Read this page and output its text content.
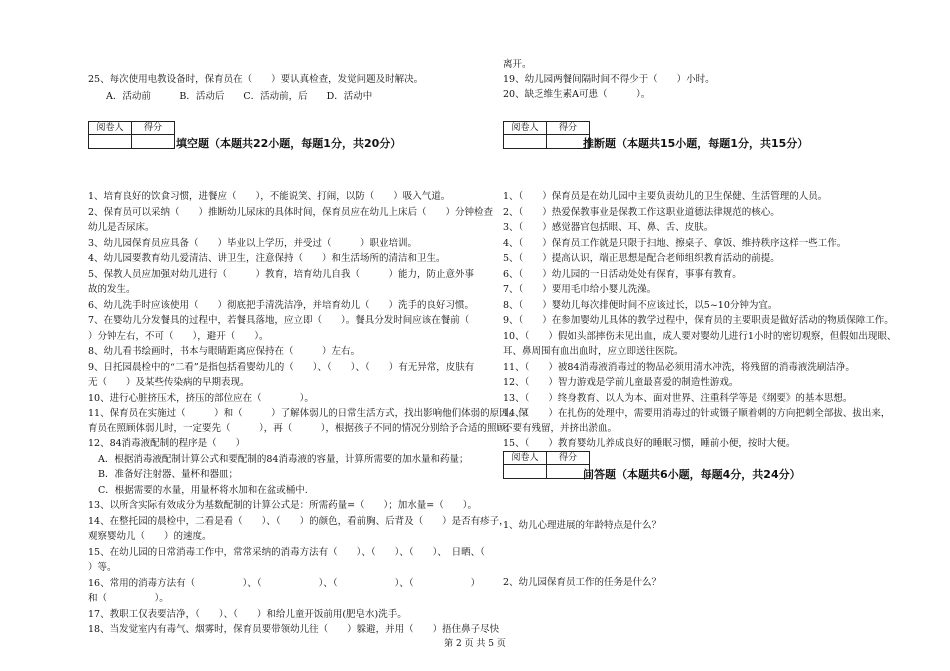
25、每次使用电教设备时，保育员在（　　）要认真检查，发觉问题及时解决。
A．活动前　　　B．活动后　　C．活动前，后　　D．活动中
阅卷人	得分

填空题（本题共22小题，每题1分，共20分）
1、培育良好的饮食习惯，进餐应（　　），不能说笑、打闹，以防（　　）吸入气道。
2、保育员可以采纳（　　）推断幼儿尿床的具体时间，保育员应在幼儿上床后（　　）分钟检查
幼儿是否尿床。
3、幼儿园保育员应具备（　　）毕业以上学历，并受过（　　　）职业培训。
4、幼儿园要教育幼儿爱清洁、讲卫生，注意保持（　　）和生活场所的清洁和卫生。
5、保教人员应加强对幼儿进行（　　　）教育，培育幼儿自我（　　　）能力，防止意外事
故的发生。
6、幼儿洗手时应该使用（　　）彻底把手清洗洁净，并培育幼儿（　　）洗手的良好习惯。
7、在婴幼儿分发餐具的过程中，若餐具落地，应立即（　　）。餐具分发时间应该在餐前（　　
）分钟左右，不可（　　），避开（　　）。
8、幼儿看书绘画时，书本与眼睛距离应保持在（　　　）左右。
9、日托园晨检中的“二看”是指包括看婴幼儿的（　　）、（　　）、（　　）有无异常，皮肤有
无（　　）及某些传染病的早期表现。
10、进行心脏挤压术，挤压的部位应在（　　　　）。
11、保育员在实施过（　　　）和（　　　）了解体弱儿的日常生活方式，找出影响他们体弱的原因。保
育员在照顾体弱儿时，一定要先（　　　），再（　　　），根据孩子不同的情况分别给予合适的照顾。
12、84消毒液配制的程序是（　　）
A．根据消毒液配制计算公式和要配制的84消毒液的容量，计算所需要的加水量和药量；
B．准备好注射器、量杯和器皿；
C．根据需要的水量，用量杯将水加和在盆或桶中.
13、以所含实际有效成分为基数配制的计算公式是：所需药量=（　　）；加水量=（　　）。
14、在整托园的晨检中，二看是看（　　）、（　　）的颜色，看前胸、后背及（　　）是否有疹子，
观察婴幼儿（　　）的速度。
15、在幼儿园的日常消毒工作中，常常采纳的消毒方法有（　　）、（　　）、（　　）、　日晒、（
）等。
16、常用的消毒方法有（　　　　　）、（　　　　　　）、（　　　　　　）、（　　　　　　）
和（　　　　　）。
17、教职工仅表要洁净，（　　）、（　　）和给儿童开饭前用(肥皂水)洗手。
18、当发觉室内有毒气、烟雾时，保育员要带领幼儿往（　　）躲避，并用（　　）捂住鼻子尽快
离开。
19、幼儿园两餐间隔时间不得少于（　　）小时。
20、缺乏维生素A可患（　　　）。
阅卷人	得分

推断题（本题共15小题，每题1分，共15分）
1、（　　）保育员是在幼儿园中主要负责幼儿的卫生保健、生活管理的人员。
2、（　　）热爱保教事业是保教工作这职业道德法律规范的核心。
3、（　　）感觉器官包括眼、耳、鼻、舌、皮肤。
4、（　　）保育员工作就是只限于扫地、擦桌子、拿饭、维持秩序这样一些工作。
5、（　　）提高认识，端正思想是配合老师组织教育活动的前提。
6、（　　）幼儿园的一日活动处处有保育，事事有教育。
7、（　　）要用毛巾给小婴儿洗澡。
8、（　　）婴幼儿每次排便时间不应该过长，以5~10分钟为宜。
9、（　　）在参加婴幼儿具体的教学过程中，保育员的主要职责是做好活动的物质保障工作。
10、（　　）假如头部摔伤未见出血，成人要对婴幼儿进行1小时的密切观察，但假如出现眼、
耳、鼻周围有血出血时，应立即送往医院。
11、（　　）被84消毒液消毒过的物品必须用清水冲洗，将残留的消毒液洗刷洁净。
12、（　　）智力游戏是学前儿童最喜爱的制造性游戏。
13、（　　）终身教育、以人为本、面对世界、注重科学等是《纲要》的基本思想。
14、（　　）在扎伤的处理中，需要用消毒过的针或镊子顺着刺的方向把刺全部拔、拔出来，
不要有残留，并挤出淤血。
15、（　　）教育婴幼儿养成良好的睡眠习惯，睡前小便，按时大便。
阅卷人	得分

问答题（本题共6小题，每题4分，共24分）
1、幼儿心理进展的年龄特点是什么？
2、幼儿园保育员工作的任务是什么？
第 2 页 共 5 页
